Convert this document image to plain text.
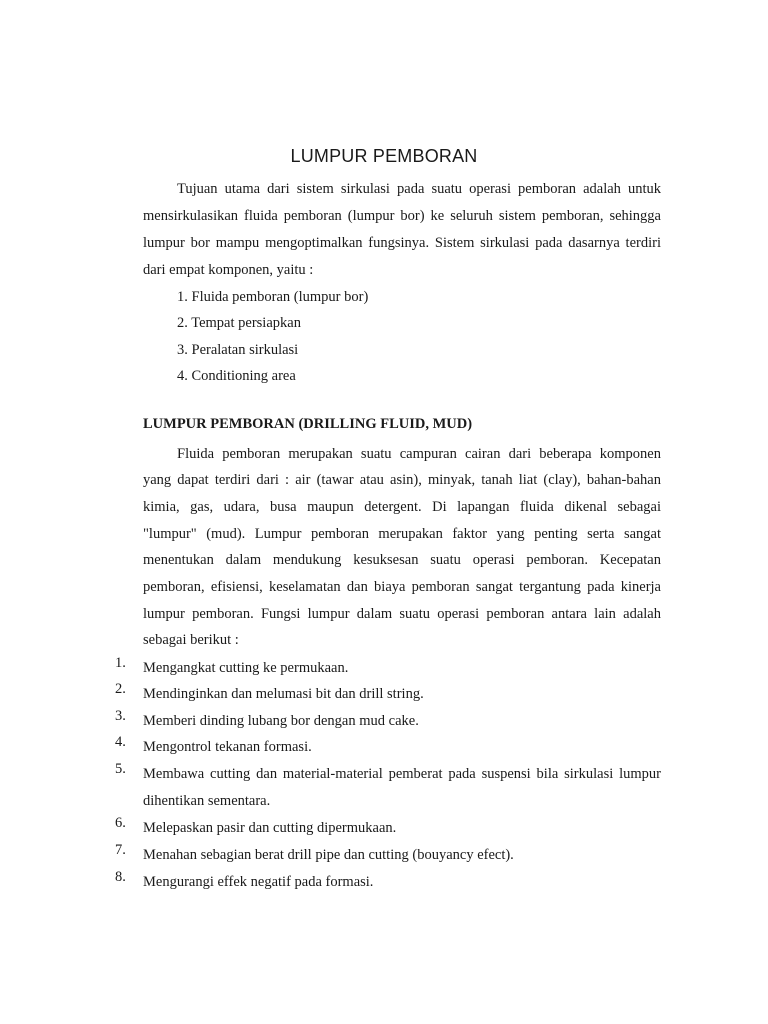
LUMPUR PEMBORAN
Tujuan utama dari sistem sirkulasi pada suatu operasi pemboran adalah untuk
mensirkulasikan fluida pemboran (lumpur bor) ke seluruh sistem pemboran, sehingga
lumpur bor mampu mengoptimalkan fungsinya. Sistem sirkulasi pada dasarnya terdiri
dari empat komponen, yaitu :
1. Fluida pemboran (lumpur bor)
2. Tempat persiapkan
3. Peralatan sirkulasi
4. Conditioning area
LUMPUR PEMBORAN (DRILLING FLUID, MUD)
Fluida pemboran merupakan suatu campuran cairan dari beberapa komponen
yang dapat terdiri dari : air (tawar atau asin), minyak, tanah liat (clay), bahan-bahan
kimia, gas, udara, busa maupun detergent. Di lapangan fluida dikenal sebagai
"lumpur" (mud). Lumpur pemboran merupakan faktor yang penting serta sangat
menentukan dalam mendukung kesuksesan suatu operasi pemboran. Kecepatan
pemboran, efisiensi, keselamatan dan biaya pemboran sangat tergantung pada kinerja
lumpur pemboran. Fungsi lumpur dalam suatu operasi pemboran antara lain adalah
sebagai berikut :
1.	Mengangkat cutting ke permukaan.
2.	Mendinginkan dan melumasi bit dan drill string.
3.	Memberi dinding lubang bor dengan mud cake.
4.	Mengontrol tekanan formasi.
5.	Membawa cutting dan material-material pemberat pada suspensi bila sirkulasi lumpur
dihentikan sementara.
6.	Melepaskan pasir dan cutting dipermukaan.
7.	Menahan sebagian berat drill pipe dan cutting (bouyancy efect).
8.	Mengurangi effek negatif pada formasi.
